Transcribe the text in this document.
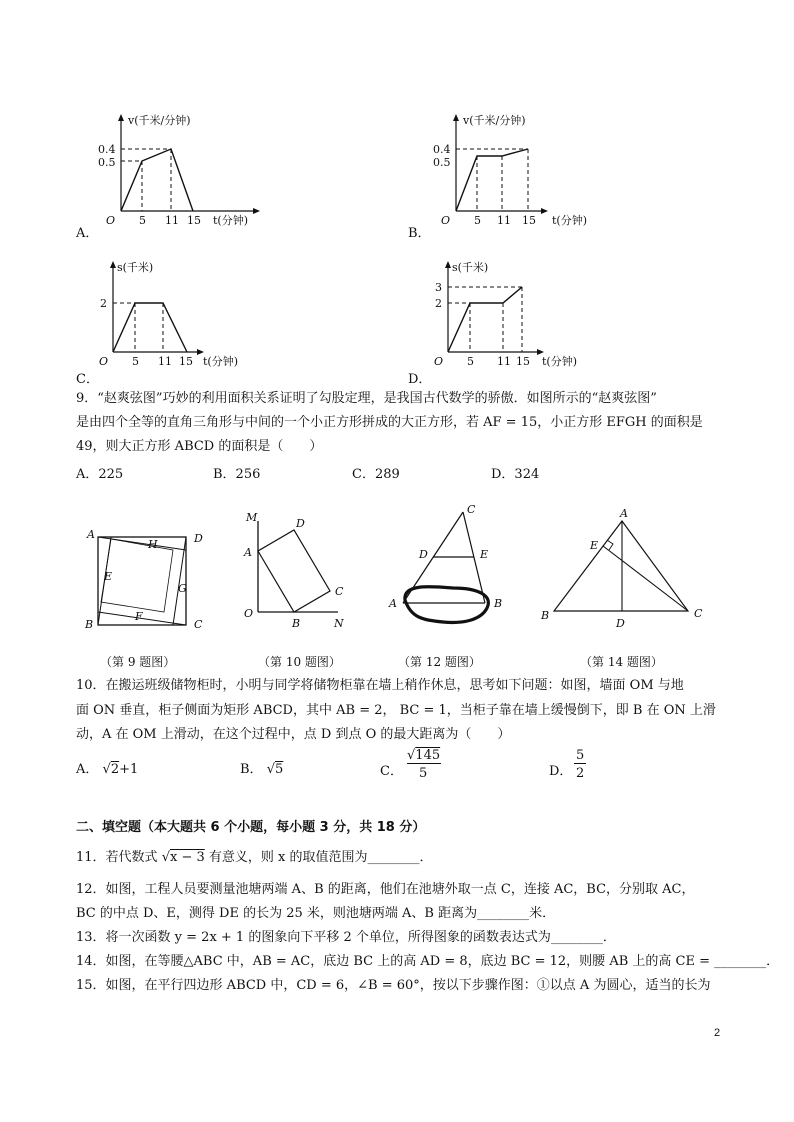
v(千米/分钟)
0.4
0.5
O 5 11 15 t(分钟)
A．
v(千米/分钟)
0.4
0.5
O 5 11 15 t(分钟)
B．
s(千米)
2
O 5 11 15 t(分钟)
C．
s(千米)
3
2
O 5 11 15 t(分钟)
D．
9．“赵爽弦图”巧妙的利用面积关系证明了勾股定理，是我国古代数学的骄傲．如图所示的“赵爽弦图”
是由四个全等的直角三角形与中间的一个小正方形拼成的大正方形，若 AF = 15，小正方形 EFGH 的面积是
49，则大正方形 ABCD 的面积是（　　）
A．225	B．256	C．289	D．324
A	D
H
E
G
F
B	C
（第 9 题图）
M	D
A
C
O
B	N
（第 10 题图）
C
D	E
A	B
（第 12 题图）
A
E
B
D
C
（第 14 题图）
10．在搬运班级储物柜时，小明与同学将储物柜靠在墙上稍作休息，思考如下问题：如图，墙面 OM 与地
面 ON 垂直，柜子侧面为矩形 ABCD，其中 AB = 2， BC = 1，当柜子靠在墙上缓慢倒下，即 B 在 ON 上滑
动，A 在 OM 上滑动，在这个过程中，点 D 到点 O 的最大距离为（　　）
A． √2+1	B． √5	C．
√145
5	D．
5
2
二、填空题（本大题共 6 个小题，每小题 3 分，共 18 分）
11．若代数式 √x − 3 有意义，则 x 的取值范围为________．
12．如图，工程人员要测量池塘两端 A、B 的距离，他们在池塘外取一点 C，连接 AC，BC，分别取 AC，
BC 的中点 D、E，测得 DE 的长为 25 米，则池塘两端 A、B 距离为________米．
13．将一次函数 y = 2x + 1 的图象向下平移 2 个单位，所得图象的函数表达式为________．
14．如图，在等腰△ABC 中，AB = AC，底边 BC 上的高 AD = 8，底边 BC = 12，则腰 AB 上的高 CE = ________．
15．如图，在平行四边形 ABCD 中，CD = 6，∠B = 60°，按以下步骤作图：①以点 A 为圆心，适当的长为
2
